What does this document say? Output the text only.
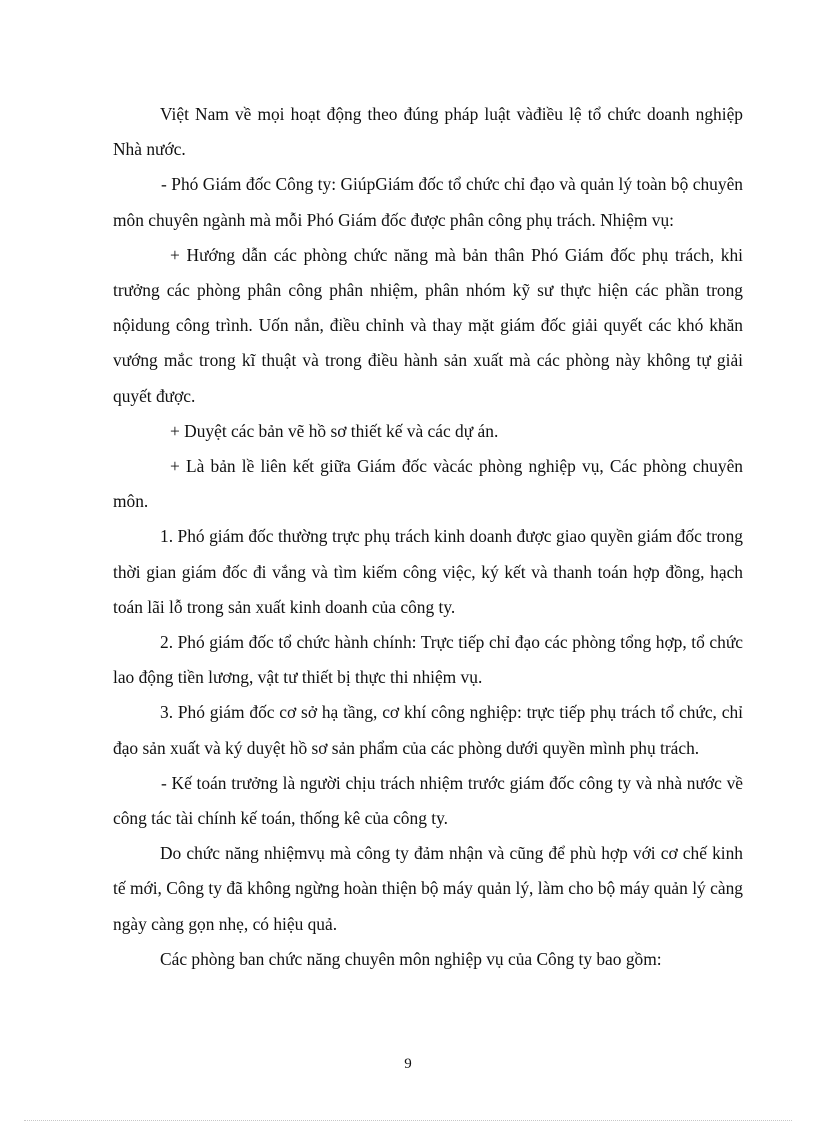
Việt Nam về mọi hoạt động theo đúng pháp luật vàđiều lệ tổ chức doanh nghiệp Nhà nước.

- Phó Giám đốc Công ty: GiúpGiám đốc tổ chức chỉ đạo và quản lý toàn bộ chuyên môn chuyên ngành mà mỗi Phó Giám đốc được phân công phụ trách. Nhiệm vụ:

+ Hướng dẫn các phòng chức năng mà bản thân Phó Giám đốc phụ trách, khi trưởng các phòng phân công phân nhiệm, phân nhóm kỹ sư thực hiện các phần trong nộidung công trình. Uốn nắn, điều chỉnh và thay mặt giám đốc giải quyết các khó khăn vướng mắc trong kĩ thuật và trong điều hành sản xuất mà các phòng này không tự giải quyết được.

+ Duyệt các bản vẽ hồ sơ thiết kế và các dự án.

+ Là bản lề liên kết giữa Giám đốc vàcác phòng nghiệp vụ, Các phòng chuyên môn.

1. Phó giám đốc thường trực phụ trách kinh doanh được giao quyền giám đốc trong thời gian giám đốc đi vắng và tìm kiếm công việc, ký kết và thanh toán hợp đồng, hạch toán lãi lỗ trong sản xuất kinh doanh của công ty.

2. Phó giám đốc tổ chức hành chính: Trực tiếp chỉ đạo các phòng tổng hợp, tổ chức lao động tiền lương, vật tư thiết bị thực thi nhiệm vụ.

3. Phó giám đốc cơ sở hạ tầng, cơ khí công nghiệp: trực tiếp phụ trách tổ chức, chỉ đạo sản xuất và ký duyệt hồ sơ sản phẩm của các phòng dưới quyền mình phụ trách.

- Kế toán trưởng là người chịu trách nhiệm trước giám đốc công ty và nhà nước về công tác tài chính kế toán, thống kê của công ty.

Do chức năng nhiệmvụ mà công ty đảm nhận và cũng để phù hợp với cơ chế kinh tế mới, Công ty đã không ngừng hoàn thiện bộ máy quản lý, làm cho bộ máy quản lý càng ngày càng gọn nhẹ, có hiệu quả.

Các phòng ban chức năng chuyên môn nghiệp vụ của Công ty bao gồm:

9
